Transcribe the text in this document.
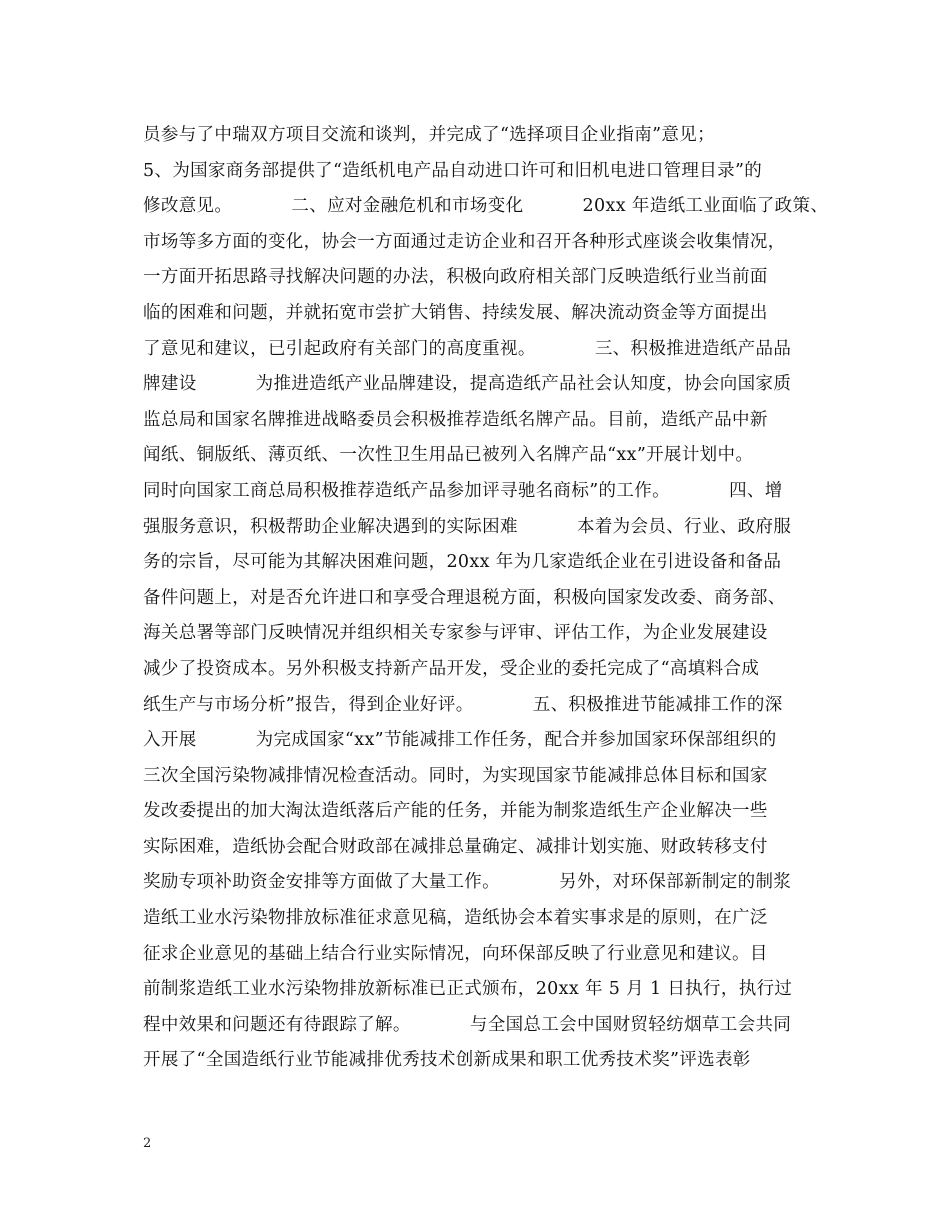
员参与了中瑞双方项目交流和谈判，并完成了“选择项目企业指南”意见；
5、为国家商务部提供了“造纸机电产品自动进口许可和旧机电进口管理目录”的
修改意见。          二、应对金融危机和市场变化          20xx 年造纸工业面临了政策、
市场等多方面的变化，协会一方面通过走访企业和召开各种形式座谈会收集情况，
一方面开拓思路寻找解决问题的办法，积极向政府相关部门反映造纸行业当前面
临的困难和问题，并就拓宽市尝扩大销售、持续发展、解决流动资金等方面提出
了意见和建议，已引起政府有关部门的高度重视。          三、积极推进造纸产品品
牌建设          为推进造纸产业品牌建设，提高造纸产品社会认知度，协会向国家质
监总局和国家名牌推进战略委员会积极推荐造纸名牌产品。目前，造纸产品中新
闻纸、铜版纸、薄页纸、一次性卫生用品已被列入名牌产品“xx”开展计划中。
同时向国家工商总局积极推荐造纸产品参加评寻驰名商标”的工作。          四、增
强服务意识，积极帮助企业解决遇到的实际困难          本着为会员、行业、政府服
务的宗旨，尽可能为其解决困难问题，20xx 年为几家造纸企业在引进设备和备品
备件问题上，对是否允许进口和享受合理退税方面，积极向国家发改委、商务部、
海关总署等部门反映情况并组织相关专家参与评审、评估工作，为企业发展建设
减少了投资成本。另外积极支持新产品开发，受企业的委托完成了“高填料合成
纸生产与市场分析”报告，得到企业好评。          五、积极推进节能减排工作的深
入开展          为完成国家“xx”节能减排工作任务，配合并参加国家环保部组织的
三次全国污染物减排情况检查活动。同时，为实现国家节能减排总体目标和国家
发改委提出的加大淘汰造纸落后产能的任务，并能为制浆造纸生产企业解决一些
实际困难，造纸协会配合财政部在减排总量确定、减排计划实施、财政转移支付
奖励专项补助资金安排等方面做了大量工作。          另外，对环保部新制定的制浆
造纸工业水污染物排放标准征求意见稿，造纸协会本着实事求是的原则，在广泛
征求企业意见的基础上结合行业实际情况，向环保部反映了行业意见和建议。目
前制浆造纸工业水污染物排放新标准已正式颁布，20xx 年 5 月 1 日执行，执行过
程中效果和问题还有待跟踪了解。          与全国总工会中国财贸轻纺烟草工会共同
开展了“全国造纸行业节能减排优秀技术创新成果和职工优秀技术奖”评选表彰
2
